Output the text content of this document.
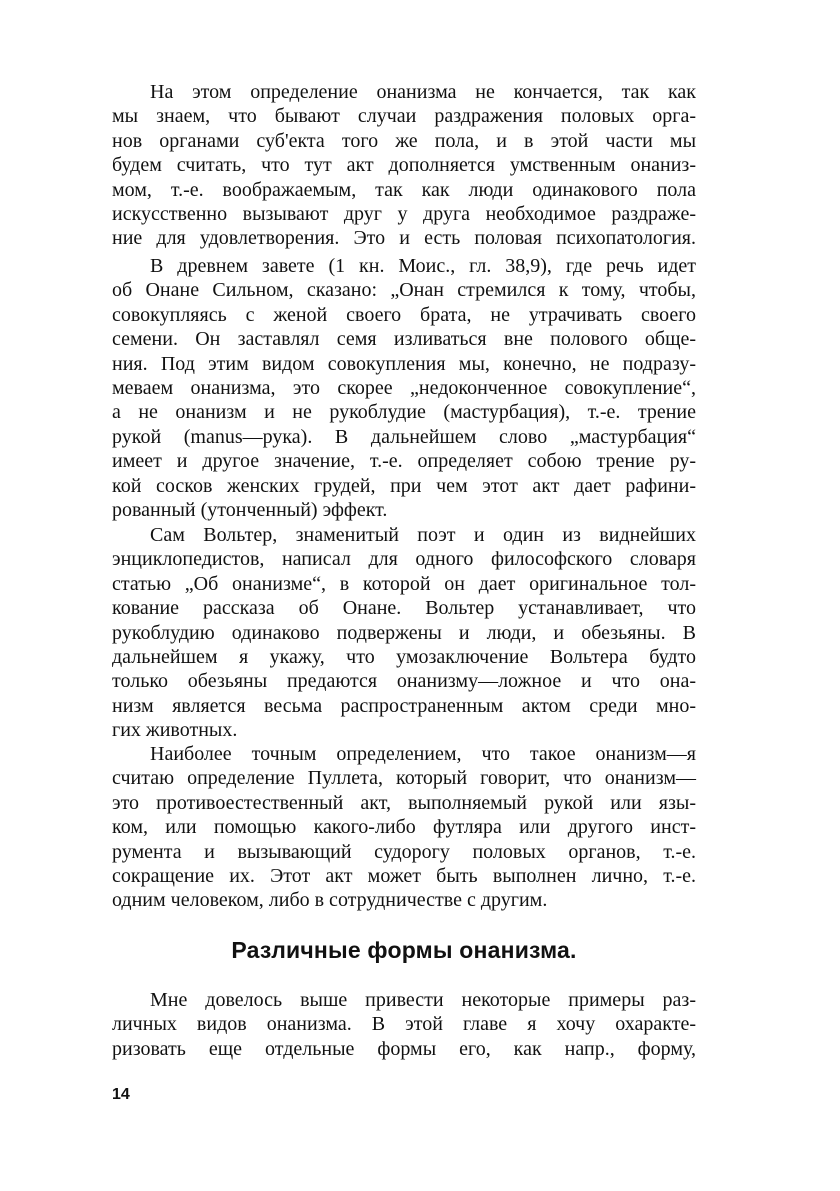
На этом определение онанизма не кончается, так как
мы знаем, что бывают случаи раздражения половых орга-
нов органами суб'екта того же пола, и в этой части мы
будем считать, что тут акт дополняется умственным онаниз-
мом, т.-е. воображаемым, так как люди одинакового пола
искусственно вызывают друг у друга необходимое раздраже-
ние для удовлетворения. Это и есть половая психопатология.
В древнем завете (1 кн. Моис., гл. 38,9), где речь идет
об Онане Сильном, сказано: „Онан стремился к тому, чтобы,
совокупляясь с женой своего брата, не утрачивать своего
семени. Он заставлял семя изливаться вне полового обще-
ния. Под этим видом совокупления мы, конечно, не подразу-
меваем онанизма, это скорее „недоконченное совокупление“,
а не онанизм и не рукоблудие (мастурбация), т.-е. трение
рукой (manus—рука). В дальнейшем слово „мастурбация“
имеет и другое значение, т.-е. определяет собою трение ру-
кой сосков женских грудей, при чем этот акт дает рафини-
рованный (утонченный) эффект.
Сам Вольтер, знаменитый поэт и один из виднейших
энциклопедистов, написал для одного философского словаря
статью „Об онанизме“, в которой он дает оригинальное тол-
кование рассказа об Онане. Вольтер устанавливает, что
рукоблудию одинаково подвержены и люди, и обезьяны. В
дальнейшем я укажу, что умозаключение Вольтера будто
только обезьяны предаются онанизму—ложное и что она-
низм является весьма распространенным актом среди мно-
гих животных.
Наиболее точным определением, что такое онанизм—я
считаю определение Пуллета, который говорит, что онанизм—
это противоестественный акт, выполняемый рукой или язы-
ком, или помощью какого-либо футляра или другого инст-
румента и вызывающий судорогу половых органов, т.-е.
сокращение их. Этот акт может быть выполнен лично, т.-е.
одним человеком, либо в сотрудничестве с другим.
Различные формы онанизма.
Мне довелось выше привести некоторые примеры раз-
личных видов онанизма. В этой главе я хочу охаракте-
ризовать еще отдельные формы его, как напр., форму,
14
